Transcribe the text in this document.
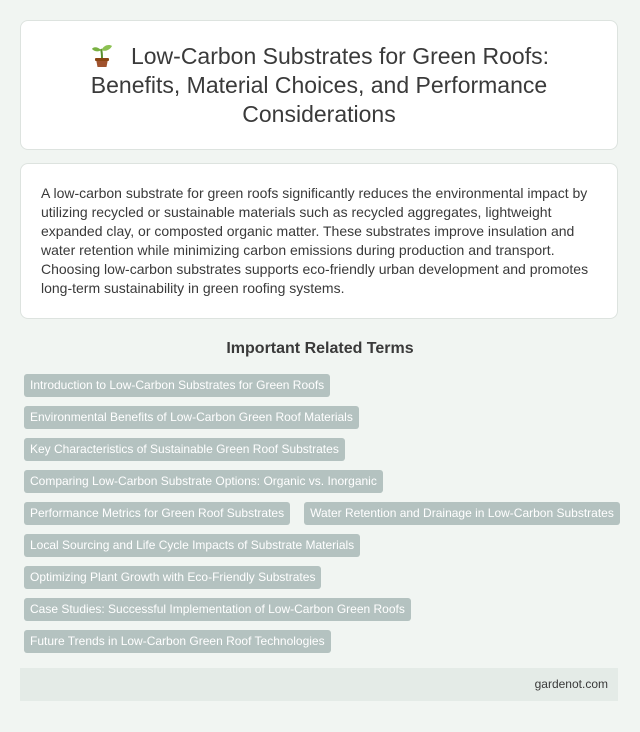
Low-Carbon Substrates for Green Roofs: Benefits, Material Choices, and Performance Considerations

A low-carbon substrate for green roofs significantly reduces the environmental impact by utilizing recycled or sustainable materials such as recycled aggregates, lightweight expanded clay, or composted organic matter. These substrates improve insulation and water retention while minimizing carbon emissions during production and transport. Choosing low-carbon substrates supports eco-friendly urban development and promotes long-term sustainability in green roofing systems.

Important Related Terms
Introduction to Low-Carbon Substrates for Green Roofs
Environmental Benefits of Low-Carbon Green Roof Materials
Key Characteristics of Sustainable Green Roof Substrates
Comparing Low-Carbon Substrate Options: Organic vs. Inorganic
Performance Metrics for Green Roof Substrates	Water Retention and Drainage in Low-Carbon Substrates
Local Sourcing and Life Cycle Impacts of Substrate Materials
Optimizing Plant Growth with Eco-Friendly Substrates
Case Studies: Successful Implementation of Low-Carbon Green Roofs
Future Trends in Low-Carbon Green Roof Technologies
gardenot.com
